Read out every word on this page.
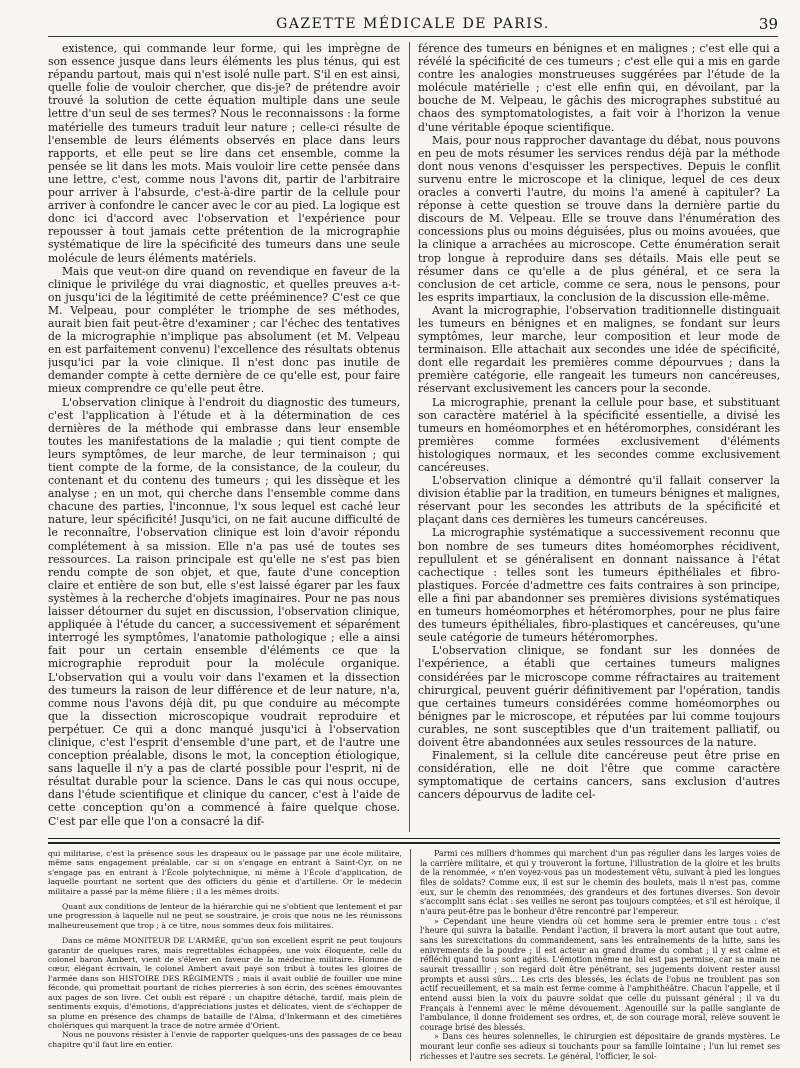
GAZETTE MÉDICALE DE PARIS.	39

existence, qui commande leur forme, qui les imprègne de son essence jusque dans leurs éléments les plus ténus, qui est répandu partout, mais qui n'est isolé nulle part. S'il en est ainsi, quelle folie de vouloir chercher, que dis-je? de prétendre avoir trouvé la solution de cette équation multiple dans une seule lettre d'un seul de ses termes? Nous le reconnaissons : la forme matérielle des tumeurs traduit leur nature ; celle-ci résulte de l'ensemble de leurs éléments observés en place dans leurs rapports, et elle peut se lire dans cet ensemble, comme la pensée se lit dans les mots. Mais vouloir lire cette pensée dans une lettre, c'est, comme nous l'avons dit, partir de l'arbitraire pour arriver à l'absurde, c'est-à-dire partir de la cellule pour arriver à confondre le cancer avec le cor au pied. La logique est donc ici d'accord avec l'observation et l'expérience pour repousser à tout jamais cette prétention de la micrographie systématique de lire la spécificité des tumeurs dans une seule molécule de leurs éléments matériels.

Mais que veut-on dire quand on revendique en faveur de la clinique le privilége du vrai diagnostic, et quelles preuves a-t-on jusqu'ici de la légitimité de cette prééminence? C'est ce que M. Velpeau, pour compléter le triomphe de ses méthodes, aurait bien fait peut-être d'examiner ; car l'échec des tentatives de la micrographie n'implique pas absolument (et M. Velpeau en est parfaitement convenu) l'excellence des résultats obtenus jusqu'ici par la voie clinique. Il n'est donc pas inutile de demander compte à cette dernière de ce qu'elle est, pour faire mieux comprendre ce qu'elle peut être.

L'observation clinique à l'endroit du diagnostic des tumeurs, c'est l'application à l'étude et à la détermination de ces dernières de la méthode qui embrasse dans leur ensemble toutes les manifestations de la maladie ; qui tient compte de leurs symptômes, de leur marche, de leur terminaison ; qui tient compte de la forme, de la consistance, de la couleur, du contenant et du contenu des tumeurs ; qui les dissèque et les analyse ; en un mot, qui cherche dans l'ensemble comme dans chacune des parties, l'inconnue, l'x sous lequel est caché leur nature, leur spécificité! Jusqu'ici, on ne fait aucune difficulté de le reconnaître, l'observation clinique est loin d'avoir répondu complétement à sa mission. Elle n'a pas usé de toutes ses ressources. La raison principale est qu'elle ne s'est pas bien rendu compte de son objet, et que, faute d'une conception claire et entière de son but, elle s'est laissé égarer par les faux systèmes à la recherche d'objets imaginaires. Pour ne pas nous laisser détourner du sujet en discussion, l'observation clinique, appliquée à l'étude du cancer, a successivement et séparément interrogé les symptômes, l'anatomie pathologique ; elle a ainsi fait pour un certain ensemble d'éléments ce que la micrographie reproduit pour la molécule organique. L'observation qui a voulu voir dans l'examen et la dissection des tumeurs la raison de leur différence et de leur nature, n'a, comme nous l'avons déjà dit, pu que conduire au mécompte que la dissection microscopique voudrait reproduire et perpétuer. Ce qui a donc manqué jusqu'ici à l'observation clinique, c'est l'esprit d'ensemble d'une part, et de l'autre une conception préalable, disons le mot, la conception étiologique, sans laquelle il n'y a pas de clarté possible pour l'esprit, ni de résultat durable pour la science. Dans le cas qui nous occupe, dans l'étude scientifique et clinique du cancer, c'est à l'aide de cette conception qu'on a commencé à faire quelque chose. C'est par elle que l'on a consacré la dif-

férence des tumeurs en bénignes et en malignes ; c'est elle qui a révélé la spécificité de ces tumeurs ; c'est elle qui a mis en garde contre les analogies monstrueuses suggérées par l'étude de la molécule matérielle ; c'est elle enfin qui, en dévoilant, par la bouche de M. Velpeau, le gâchis des micrographes substitué au chaos des symptomatologistes, a fait voir à l'horizon la venue d'une véritable époque scientifique.

Mais, pour nous rapprocher davantage du débat, nous pouvons en peu de mots résumer les services rendus déjà par la méthode dont nous venons d'esquisser les perspectives. Depuis le conflit survenu entre le microscope et la clinique, lequel de ces deux oracles a converti l'autre, du moins l'a amené à capituler? La réponse à cette question se trouve dans la dernière partie du discours de M. Velpeau. Elle se trouve dans l'énumération des concessions plus ou moins déguisées, plus ou moins avouées, que la clinique a arrachées au microscope. Cette énumération serait trop longue à reproduire dans ses détails. Mais elle peut se résumer dans ce qu'elle a de plus général, et ce sera la conclusion de cet article, comme ce sera, nous le pensons, pour les esprits impartiaux, la conclusion de la discussion elle-même.

Avant la micrographie, l'observation traditionnelle distinguait les tumeurs en bénignes et en malignes, se fondant sur leurs symptômes, leur marche, leur composition et leur mode de terminaison. Elle attachait aux secondes une idée de spécificité, dont elle regardait les premières comme dépourvues ; dans la première catégorie, elle rangeait les tumeurs non cancéreuses, réservant exclusivement les cancers pour la seconde.

La micrographie, prenant la cellule pour base, et substituant son caractère matériel à la spécificité essentielle, a divisé les tumeurs en homéomorphes et en hétéromorphes, considérant les premières comme formées exclusivement d'éléments histologiques normaux, et les secondes comme exclusivement cancéreuses.

L'observation clinique a démontré qu'il fallait conserver la division établie par la tradition, en tumeurs bénignes et malignes, réservant pour les secondes les attributs de la spécificité et plaçant dans ces dernières les tumeurs cancéreuses.

La micrographie systématique a successivement reconnu que bon nombre de ses tumeurs dites homéomorphes récidivent, repullulent et se généralisent en donnant naissance à l'état cachectique : telles sont les tumeurs épithéliales et fibro-plastiques. Forcée d'admettre ces faits contraires à son principe, elle a fini par abandonner ses premières divisions systématiques en tumeurs homéomorphes et hétéromorphes, pour ne plus faire des tumeurs épithéliales, fibro-plastiques et cancéreuses, qu'une seule catégorie de tumeurs hétéromorphes.

L'observation clinique, se fondant sur les données de l'expérience, a établi que certaines tumeurs malignes considérées par le microscope comme réfractaires au traitement chirurgical, peuvent guérir définitivement par l'opération, tandis que certaines tumeurs considérées comme homéomorphes ou bénignes par le microscope, et réputées par lui comme toujours curables, ne sont susceptibles que d'un traitement palliatif, ou doivent être abandonnées aux seules ressources de la nature.

Finalement, si la cellule dite cancéreuse peut être prise en considération, elle ne doit l'être que comme caractère symptomatique de certains cancers, sans exclusion d'autres cancers dépourvus de ladite cel-

qui militarise, c'est la présence sous les drapeaux ou le passage par une école militaire, même sans engagement préalable, car si on s'engage en entrant à Saint-Cyr, on ne s'engage pas en entrant à l'École polytechnique, ni même à l'École d'application, de laquelle pourtant ne sortent que des officiers du génie et d'artillerie. Or le médecin militaire a passé par la même filière ; il a les mêmes droits.

Quant aux conditions de lenteur de la hiérarchie qui ne s'obtient que lentement et par une progression à laquelle nul ne peut se soustraire, je crois que nous ne les réunissons malheureusement que trop ; à ce titre, nous sommes deux fois militaires.

Dans ce même MONITEUR DE L'ARMÉE, qu'un son excellent esprit ne peut toujours garantir de quelques rares, mais regrettables échappées, une voix éloquente, celle du colonel baron Ambert, vient de s'élever en faveur de la médecine militaire. Homme de cœur, élégant écrivain, le colonel Ambert avait payé son tribut à toutes les gloires de l'armée dans son HISTOIRE DES RÉGIMENTS ; mais il avait oublié de fouiller une mine féconde, qui promettait pourtant de riches pierreries à son écrin, des scènes émouvantes aux pages de son livre. Cet oubli est réparé : un chapitre détaché, tardif, mais plein de sentiments exquis, d'émotions, d'appréciations justes et délicates, vient de s'échapper de sa plume en présence des champs de bataille de l'Alma, d'Inkermann et des cimetières cholériques qui marquent la trace de notre armée d'Orient.

Nous ne pouvons résister à l'envie de rapporter quelques-uns des passages de ce beau chapitre qu'il faut lire en entier.

Parmi ces milliers d'hommes qui marchent d'un pas régulier dans les larges voies de la carrière militaire, et qui y trouveront la fortune, l'illustration de la gloire et les bruits de la renommée, « n'en voyez-vous pas un modestement vêtu, suivant à pied les longues files de soldats? Comme eux, il est sur le chemin des boulets, mais il n'est pas, comme eux, sur le chemin des renommées, des grandeurs et des fortunes diverses. Son devoir s'accomplit sans éclat : ses veilles ne seront pas toujours comptées, et s'il est héroïque, il n'aura peut-être pas le bonheur d'être rencontré par l'empereur.

» Cependant une heure viendra où cet homme sera le premier entre tous : c'est l'heure qui suivra la bataille. Pendant l'action, il bravera la mort autant que tout autre, sans les surexcitations du commandement, sans les entraînements de la lutte, sans les enivrements de la poudre ; il est acteur au grand drame du combat ; il y est calme et réfléchi quand tous sont agités. L'émotion même ne lui est pas permise, car sa main ne saurait tressaillir ; son regard doit être pénétrant, ses jugements doivent rester aussi prompts et aussi sûrs... Les cris des blessés, les éclats de l'obus ne troublent pas son actif recueillement, et sa main est ferme comme à l'amphithéâtre. Chacun l'appelle, et il entend aussi bien la voix du pauvre soldat que celle du puissant général ; il va du Français à l'ennemi avec le même dévouement. Agenouillé sur la paille sanglante de l'ambulance, il donne froidement ses ordres, et, de son courage moral, relève souvent le courage brisé des blessés.

» Dans ces heures solennelles, le chirurgien est dépositaire de grands mystères. Le mourant leur confie ses adieux si touchants pour sa famille lointaine ; l'un lui remet ses richesses et l'autre ses secrets. Le général, l'officier, le sol-
